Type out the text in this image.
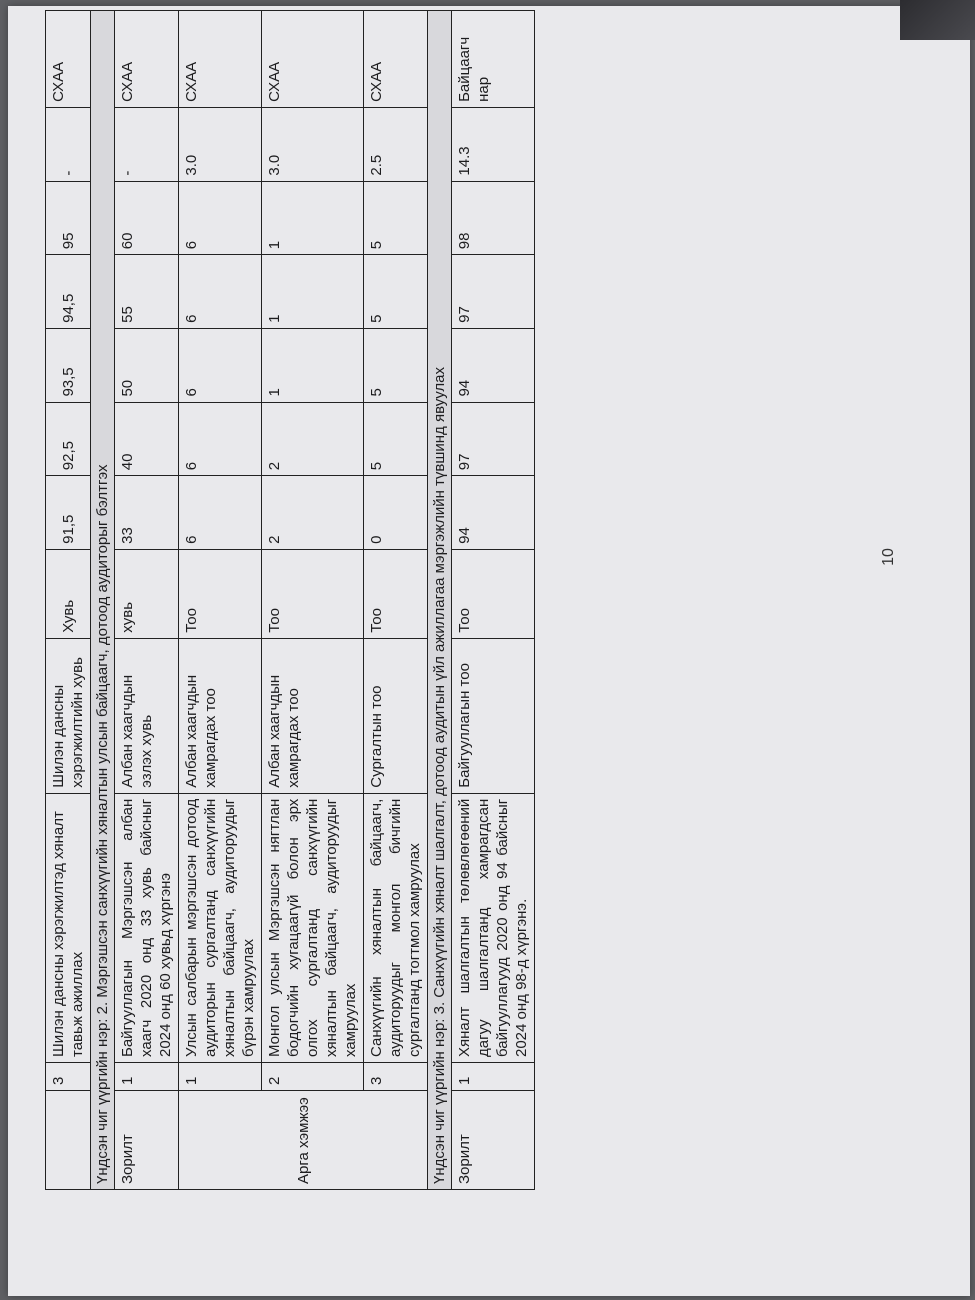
	3	Шилэн дансны хэрэгжилтэд хяналт тавьж ажиллах	Шилэн дансны хэрэгжилтийн хувь	Хувь	91,5	92,5	93,5	94,5	95	-	СХАА
Үндсэн чиг үүргийн нэр: 2. Мэргэшсэн санхүүгийн хяналтын улсын байцаагч, дотоод аудиторыг бэлтгэх											
Зорилт	1	Байгууллагын Мэргэшсэн албан хаагч 2020 онд 33 хувь байсныг 2024 онд 60 хувьд хүргэнэ	Албан хаагчдын эзлэх хувь	хувь	33	40	50	55	60	-	СХАА
Арга хэмжээ	1	Улсын салбарын мэргэшсэн дотоод аудиторын сургалтанд санхүүгийн хяналтын байцаагч, аудиторуудыг бүрэн хамруулах	Албан хаагчдын хамрагдах тоо	Тоо	6	6	6	6	6	3.0	СХАА
	2	Монгол улсын Мэргэшсэн нягтлан бодогчийн хугацаагүй болон эрх олгох сургалтанд санхүүгийн хяналтын байцаагч, аудиторуудыг хамруулах	Албан хаагчдын хамрагдах тоо	Тоо	2	2	1	1	1	3.0	СХАА
	3	Санхүүгийн хяналтын байцаагч, аудиторуудыг монгол бичгийн сургалтанд тогтмол хамруулах	Сургалтын тоо	Тоо	0	5	5	5	5	2.5	СХАА
Үндсэн чиг үүргийн нэр: 3. Санхүүгийн хяналт шалгалт, дотоод аудитын үйл ажиллагаа мэргэжлийн түвшинд явуулах											
Зорилт	1	Хяналт шалгалтын төлөвлөгөөний дагуу шалгалтанд хамрагдсан байгууллагууд 2020 онд 94 байсныг 2024 онд 98-д хүргэнэ.	Байгууллагын тоо	Тоо	94	97	94	97	98	14.3	Байцаагч нар
10
